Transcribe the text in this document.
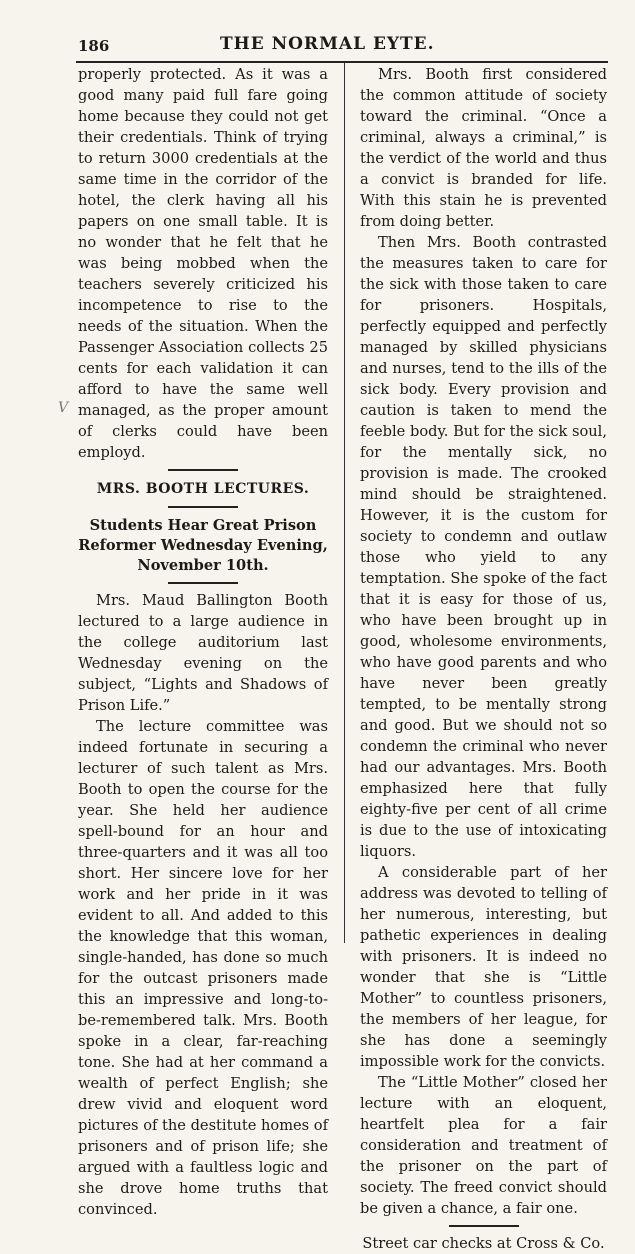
186	THE NORMAL EYTE.
V

properly protected. As it was a good many paid full fare going home because they could not get their credentials. Think of trying to return 3000 credentials at the same time in the corridor of the hotel, the clerk having all his papers on one small table. It is no wonder that he felt that he was being mobbed when the teachers severely criticized his incompetence to rise to the needs of the situation. When the Passenger Association collects 25 cents for each validation it can afford to have the same well managed, as the proper amount of clerks could have been employd.

MRS. BOOTH LECTURES.
Students Hear Great Prison Reformer Wednesday Evening, November 10th.

Mrs. Maud Ballington Booth lectured to a large audience in the college auditorium last Wednesday evening on the subject, “Lights and Shadows of Prison Life.”

The lecture committee was indeed fortunate in securing a lecturer of such talent as Mrs. Booth to open the course for the year. She held her audience spell-bound for an hour and three-quarters and it was all too short. Her sincere love for her work and her pride in it was evident to all. And added to this the knowledge that this woman, single-handed, has done so much for the outcast prisoners made this an impressive and long-to-be-remembered talk. Mrs. Booth spoke in a clear, far-reaching tone. She had at her command a wealth of perfect English; she drew vivid and eloquent word pictures of the destitute homes of prisoners and of prison life; she argued with a faultless logic and she drove home truths that convinced.

Mrs. Booth first considered the common attitude of society toward the criminal. “Once a criminal, always a criminal,” is the verdict of the world and thus a convict is branded for life. With this stain he is prevented from doing better.

Then Mrs. Booth contrasted the measures taken to care for the sick with those taken to care for prisoners. Hospitals, perfectly equipped and perfectly managed by skilled physicians and nurses, tend to the ills of the sick body. Every provision and caution is taken to mend the feeble body. But for the sick soul, for the mentally sick, no provision is made. The crooked mind should be straightened. However, it is the custom for society to condemn and outlaw those who yield to any temptation. She spoke of the fact that it is easy for those of us, who have been brought up in good, wholesome environments, who have good parents and who have never been greatly tempted, to be mentally strong and good. But we should not so condemn the criminal who never had our advantages. Mrs. Booth emphasized here that fully eighty-five per cent of all crime is due to the use of intoxicating liquors.

A considerable part of her address was devoted to telling of her numerous, interesting, but pathetic experiences in dealing with prisoners. It is indeed no wonder that she is “Little Mother” to countless prisoners, the members of her league, for she has done a seemingly impossible work for the convicts.

The “Little Mother” closed her lecture with an eloquent, heartfelt plea for a fair consideration and treatment of the prisoner on the part of society. The freed convict should be given a chance, a fair one.

Street car checks at Cross & Co.
